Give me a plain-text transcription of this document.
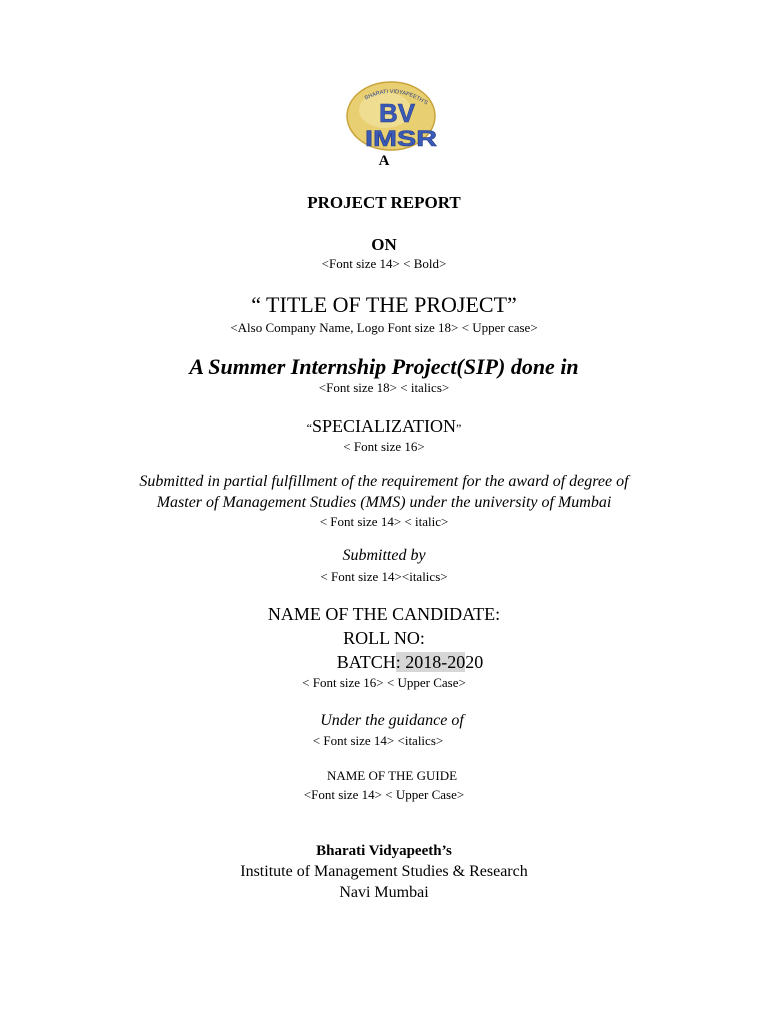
BHARATI VIDYAPEETH'S
BV
IMSR
A
PROJECT REPORT
ON
<Font size 14> < Bold>
“ TITLE OF THE PROJECT”
<Also Company Name, Logo Font size 18> < Upper case>
A Summer Internship Project(SIP) done in
<Font size 18> < italics>
“SPECIALIZATION”
< Font size 16>
Submitted in partial fulfillment of the requirement for the award of degree of
Master of Management Studies (MMS) under the university of Mumbai
< Font size 14> < italic>
Submitted by
< Font size 14><italics>
NAME OF THE CANDIDATE:
ROLL NO:
BATCH: 2018-2020
< Font size 16> < Upper Case>
Under the guidance of
< Font size 14> <italics>
NAME OF THE GUIDE
<Font size 14> < Upper Case>
Bharati Vidyapeeth’s
Institute of Management Studies & Research
Navi Mumbai
